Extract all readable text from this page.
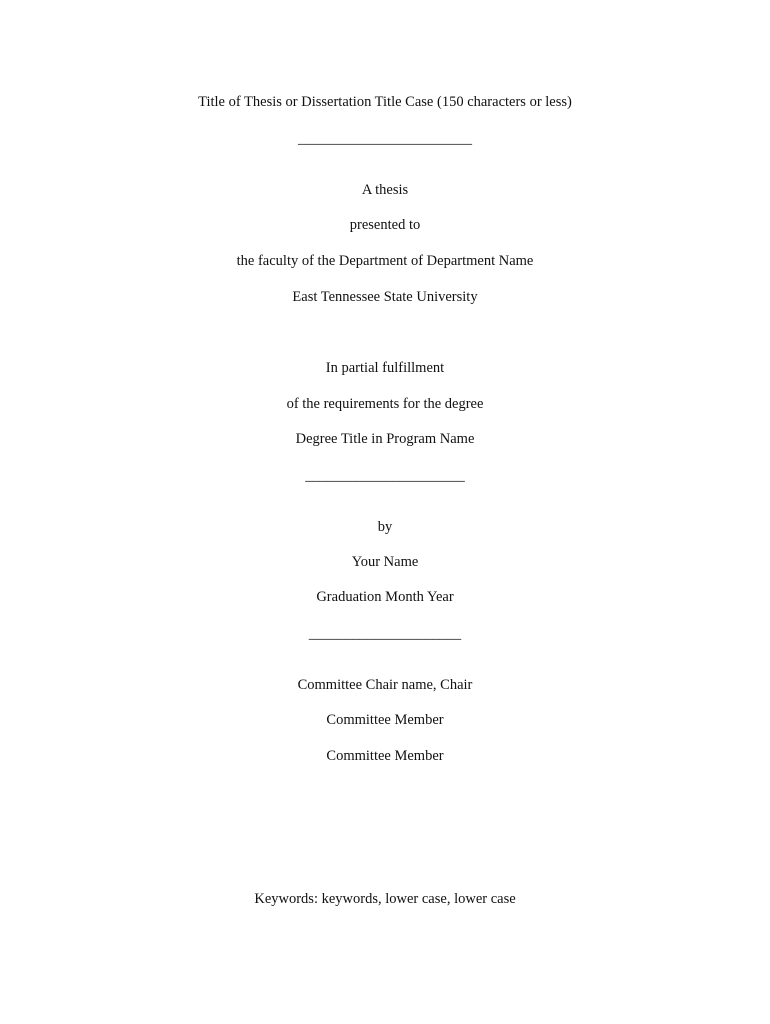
Title of Thesis or Dissertation Title Case (150 characters or less)
________________________
A thesis
presented to
the faculty of the Department of Department Name
East Tennessee State University
In partial fulfillment
of the requirements for the degree
Degree Title in Program Name
______________________
by
Your Name
Graduation Month Year
_____________________
Committee Chair name, Chair
Committee Member
Committee Member
Keywords: keywords, lower case, lower case
